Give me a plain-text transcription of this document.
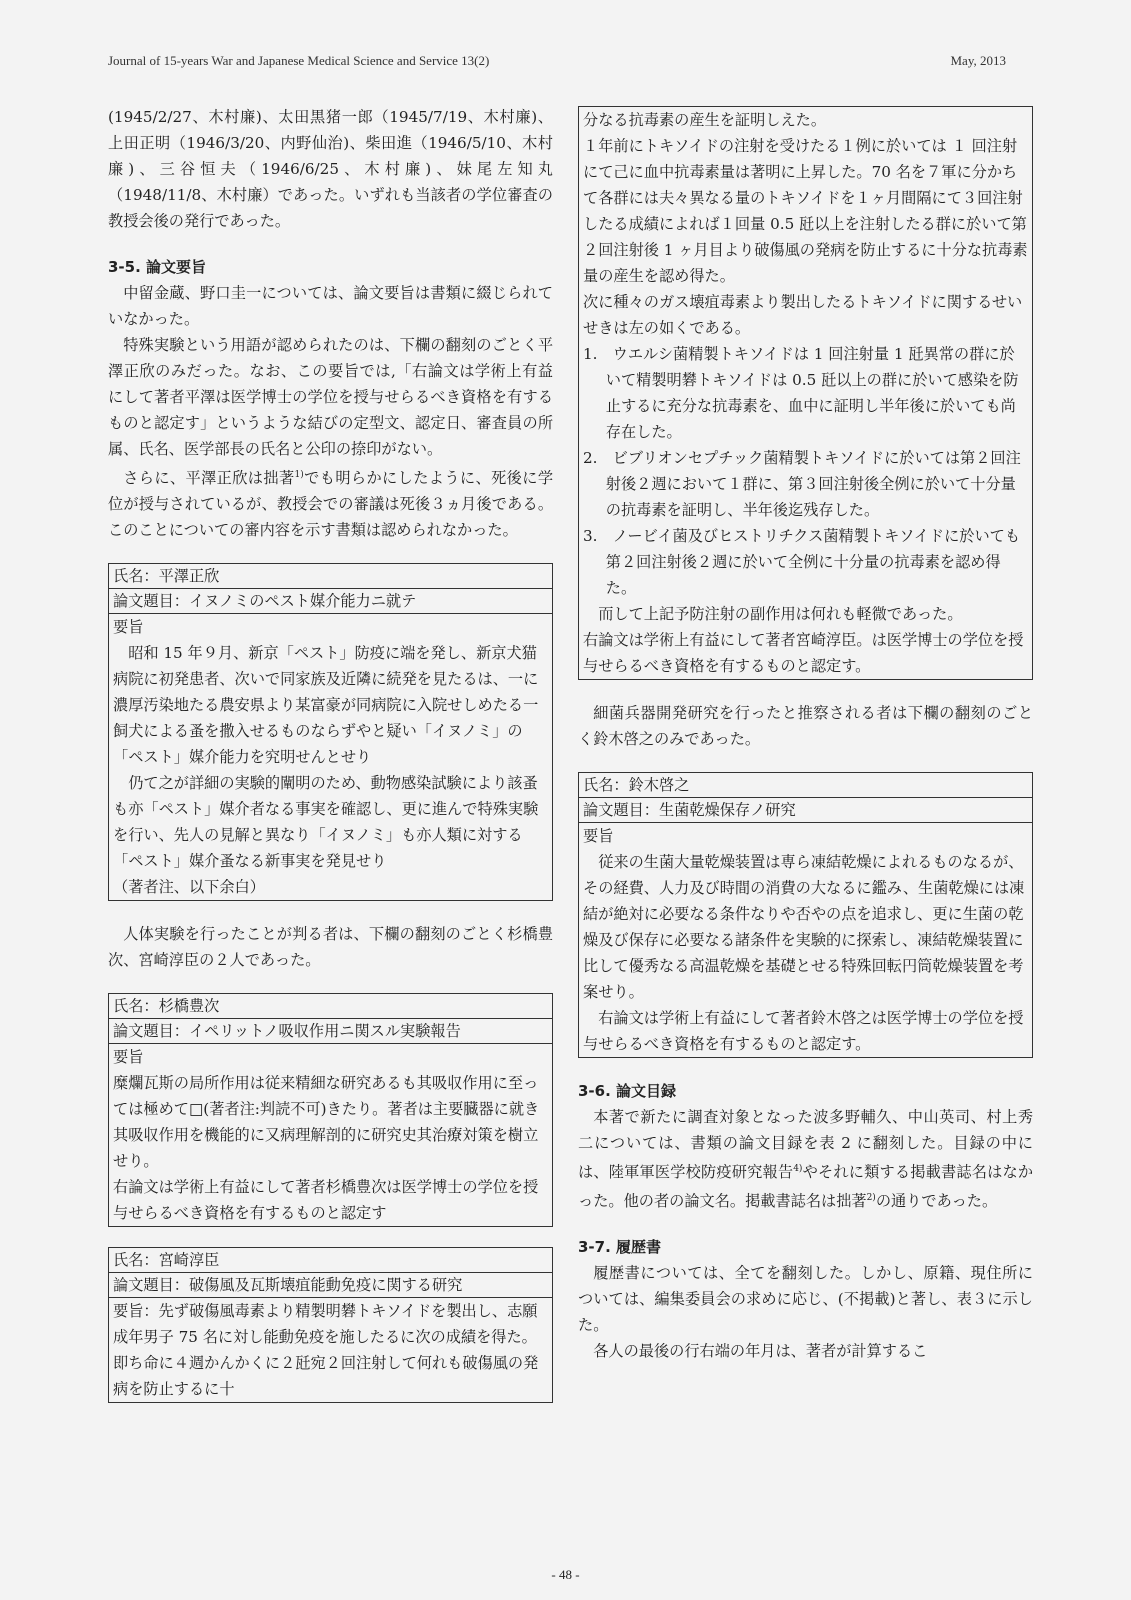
Journal of 15-years War and Japanese Medical Science and Service 13(2)	May, 2013

(1945/2/27、木村廉)、太田黒猪一郎（1945/7/19、木村廉)、上田正明（1946/3/20、内野仙治)、柴田進（1946/5/10、木村廉)、三谷恒夫（1946/6/25、木村廉)、妹尾左知丸（1948/11/8、木村廉）であった。いずれも当該者の学位審査の教授会後の発行であった。

3-5. 論文要旨

中留金蔵、野口圭一については、論文要旨は書類に綴じられていなかった。

特殊実験という用語が認められたのは、下欄の翻刻のごとく平澤正欣のみだった。なお、この要旨では,「右論文は学術上有益にして著者平澤は医学博士の学位を授与せらるべき資格を有するものと認定す」というような結びの定型文、認定日、審査員の所属、氏名、医学部長の氏名と公印の捺印がない。

さらに、平澤正欣は拙著$^{1)}$でも明らかにしたように、死後に学位が授与されているが、教授会での審議は死後３ヵ月後である。このことについての審内容を示す書類は認められなかった。

氏名：平澤正欣
論文題目：イヌノミのペスト媒介能力ニ就テ
要旨
昭和 15 年９月、新京「ペスト」防疫に端を発し、新京犬猫病院に初発患者、次いで同家族及近隣に続発を見たるは、一に濃厚汚染地たる農安県より某富豪が同病院に入院せしめたる一飼犬による蚤を撒入せるものならずやと疑い「イヌノミ」の「ペスト」媒介能力を究明せんとせり
仍て之が詳細の実験的闡明のため、動物感染試験により該蚤も亦「ペスト」媒介者なる事実を確認し、更に進んで特殊実験を行い、先人の見解と異なり「イヌノミ」も亦人類に対する「ペスト」媒介蚤なる新事実を発見せり
（著者注、以下余白）

人体実験を行ったことが判る者は、下欄の翻刻のごとく杉橋豊次、宮崎淳臣の２人であった。

氏名：杉橋豊次
論文題目：イペリットノ吸収作用ニ関スル実験報告
要旨
糜爛瓦斯の局所作用は従来精細な研究あるも其吸収作用に至っては極めて□(著者注:判読不可)きたり。著者は主要臓器に就き其吸収作用を機能的に又病理解剖的に研究史其治療対策を樹立せり。
右論文は学術上有益にして著者杉橋豊次は医学博士の学位を授与せらるべき資格を有するものと認定す
氏名：宮崎淳臣
論文題目：破傷風及瓦斯壊疽能動免疫に関する研究
要旨：先ず破傷風毒素より精製明礬トキソイドを製出し、志願成年男子 75 名に対し能動免疫を施したるに次の成績を得た。即ち命に４週かんかくに２瓩宛２回注射して何れも破傷風の発病を防止するに十
分なる抗毒素の産生を証明しえた。
１年前にトキソイドの注射を受けたる１例に於いては １ 回注射にて己に血中抗毒素量は著明に上昇した。70 名を７軍に分かちて各群には夫々異なる量のトキソイドを１ヶ月間隔にて３回注射したる成績によれば１回量 0.5 瓩以上を注射したる群に於いて第２回注射後 1 ヶ月目より破傷風の発病を防止するに十分な抗毒素量の産生を認め得た。
次に種々のガス壊疽毒素より製出したるトキソイドに関するせいせきは左の如くである。

1.　ウエルシ菌精製トキソイドは 1 回注射量 1 瓩異常の群に於いて精製明礬トキソイドは 0.5 瓩以上の群に於いて感染を防止するに充分な抗毒素を、血中に証明し半年後に於いても尚存在した。

2.　ビブリオンセプチック菌精製トキソイドに於いては第２回注射後２週において１群に、第３回注射後全例に於いて十分量の抗毒素を証明し、半年後迄残存した。

3.　ノービイ菌及びヒストリチクス菌精製トキソイドに於いても第２回注射後２週に於いて全例に十分量の抗毒素を認め得た。

而して上記予防注射の副作用は何れも軽微であった。
右論文は学術上有益にして著者宮崎淳臣。は医学博士の学位を授与せらるべき資格を有するものと認定す。

細菌兵器開発研究を行ったと推察される者は下欄の翻刻のごとく鈴木啓之のみであった。

氏名：鈴木啓之
論文題目：生菌乾燥保存ノ研究
要旨
従来の生菌大量乾燥装置は専ら凍結乾燥によれるものなるが、その経費、人力及び時間の消費の大なるに鑑み、生菌乾燥には凍結が絶対に必要なる条件なりや否やの点を追求し、更に生菌の乾燥及び保存に必要なる諸条件を実験的に探索し、凍結乾燥装置に比して優秀なる高温乾燥を基礎とせる特殊回転円筒乾燥装置を考案せり。
右論文は学術上有益にして著者鈴木啓之は医学博士の学位を授与せらるべき資格を有するものと認定す。

3-6. 論文目録

本著で新たに調査対象となった波多野輔久、中山英司、村上秀二については、書類の論文目録を表 2 に翻刻した。目録の中には、陸軍軍医学校防疫研究報告$^{4)}$やそれに類する掲載書誌名はなかった。他の者の論文名。掲載書誌名は拙著$^{2)}$の通りであった。

3-7. 履歴書

履歴書については、全てを翻刻した。しかし、原籍、現住所については、編集委員会の求めに応じ、(不掲載)と著し、表３に示した。

各人の最後の行右端の年月は、著者が計算するこ

- 48 -
